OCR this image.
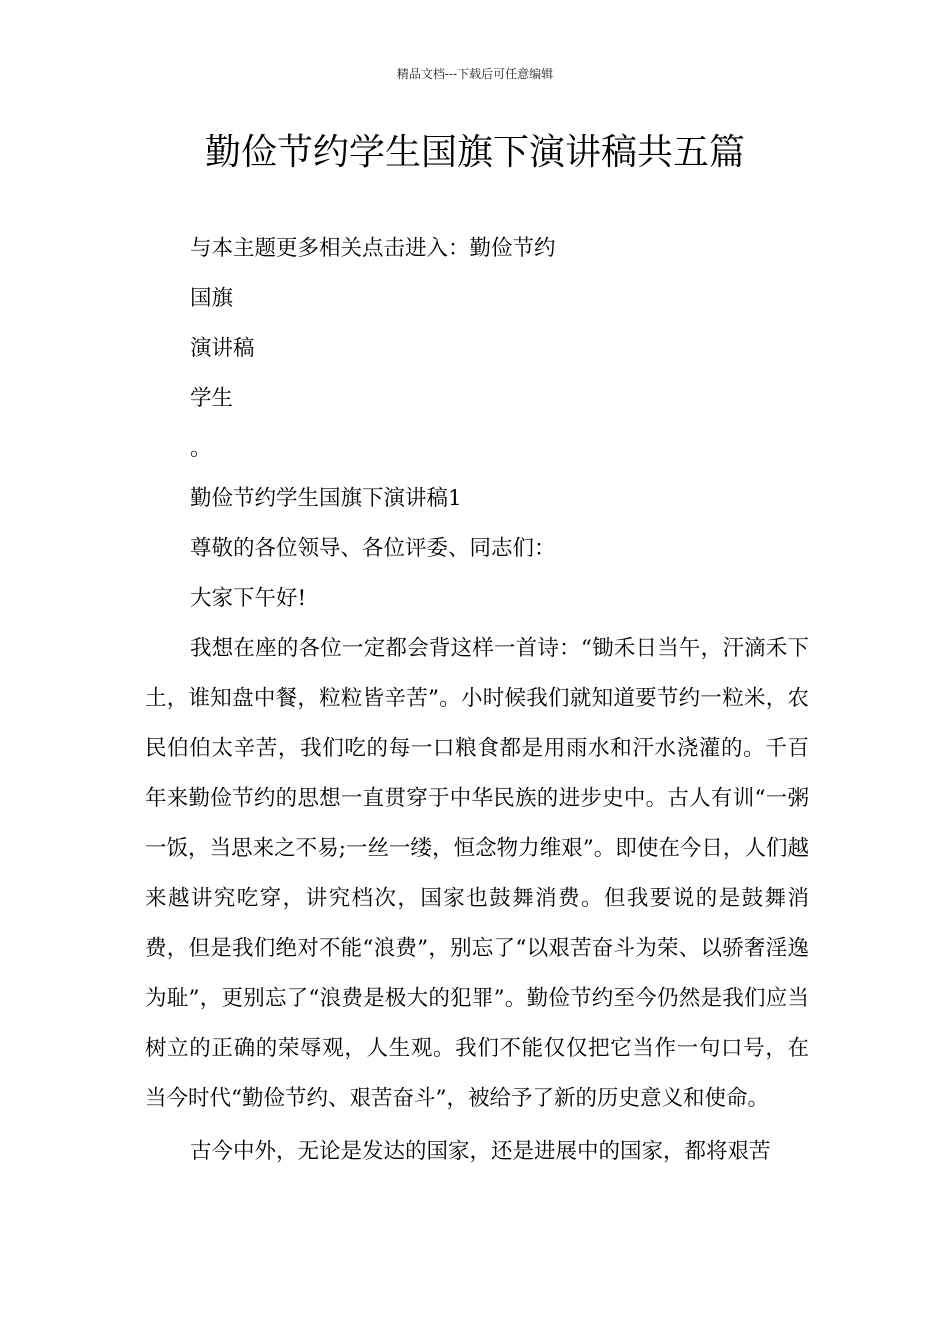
精品文档---下载后可任意编辑
勤俭节约学生国旗下演讲稿共五篇

与本主题更多相关点击进入：勤俭节约

国旗

演讲稿

学生

。

勤俭节约学生国旗下演讲稿1

尊敬的各位领导、各位评委、同志们：

大家下午好!

我想在座的各位一定都会背这样一首诗：“锄禾日当午，汗滴禾下土，谁知盘中餐，粒粒皆辛苦”。小时候我们就知道要节约一粒米，农民伯伯太辛苦，我们吃的每一口粮食都是用雨水和汗水浇灌的。千百年来勤俭节约的思想一直贯穿于中华民族的进步史中。古人有训“一粥一饭，当思来之不易;一丝一缕，恒念物力维艰”。即使在今日，人们越来越讲究吃穿，讲究档次，国家也鼓舞消费。但我要说的是鼓舞消费，但是我们绝对不能“浪费”，别忘了“以艰苦奋斗为荣、以骄奢淫逸为耻”，更别忘了“浪费是极大的犯罪”。勤俭节约至今仍然是我们应当树立的正确的荣辱观，人生观。我们不能仅仅把它当作一句口号，在当今时代“勤俭节约、艰苦奋斗”，被给予了新的历史意义和使命。

古今中外，无论是发达的国家，还是进展中的国家，都将艰苦
